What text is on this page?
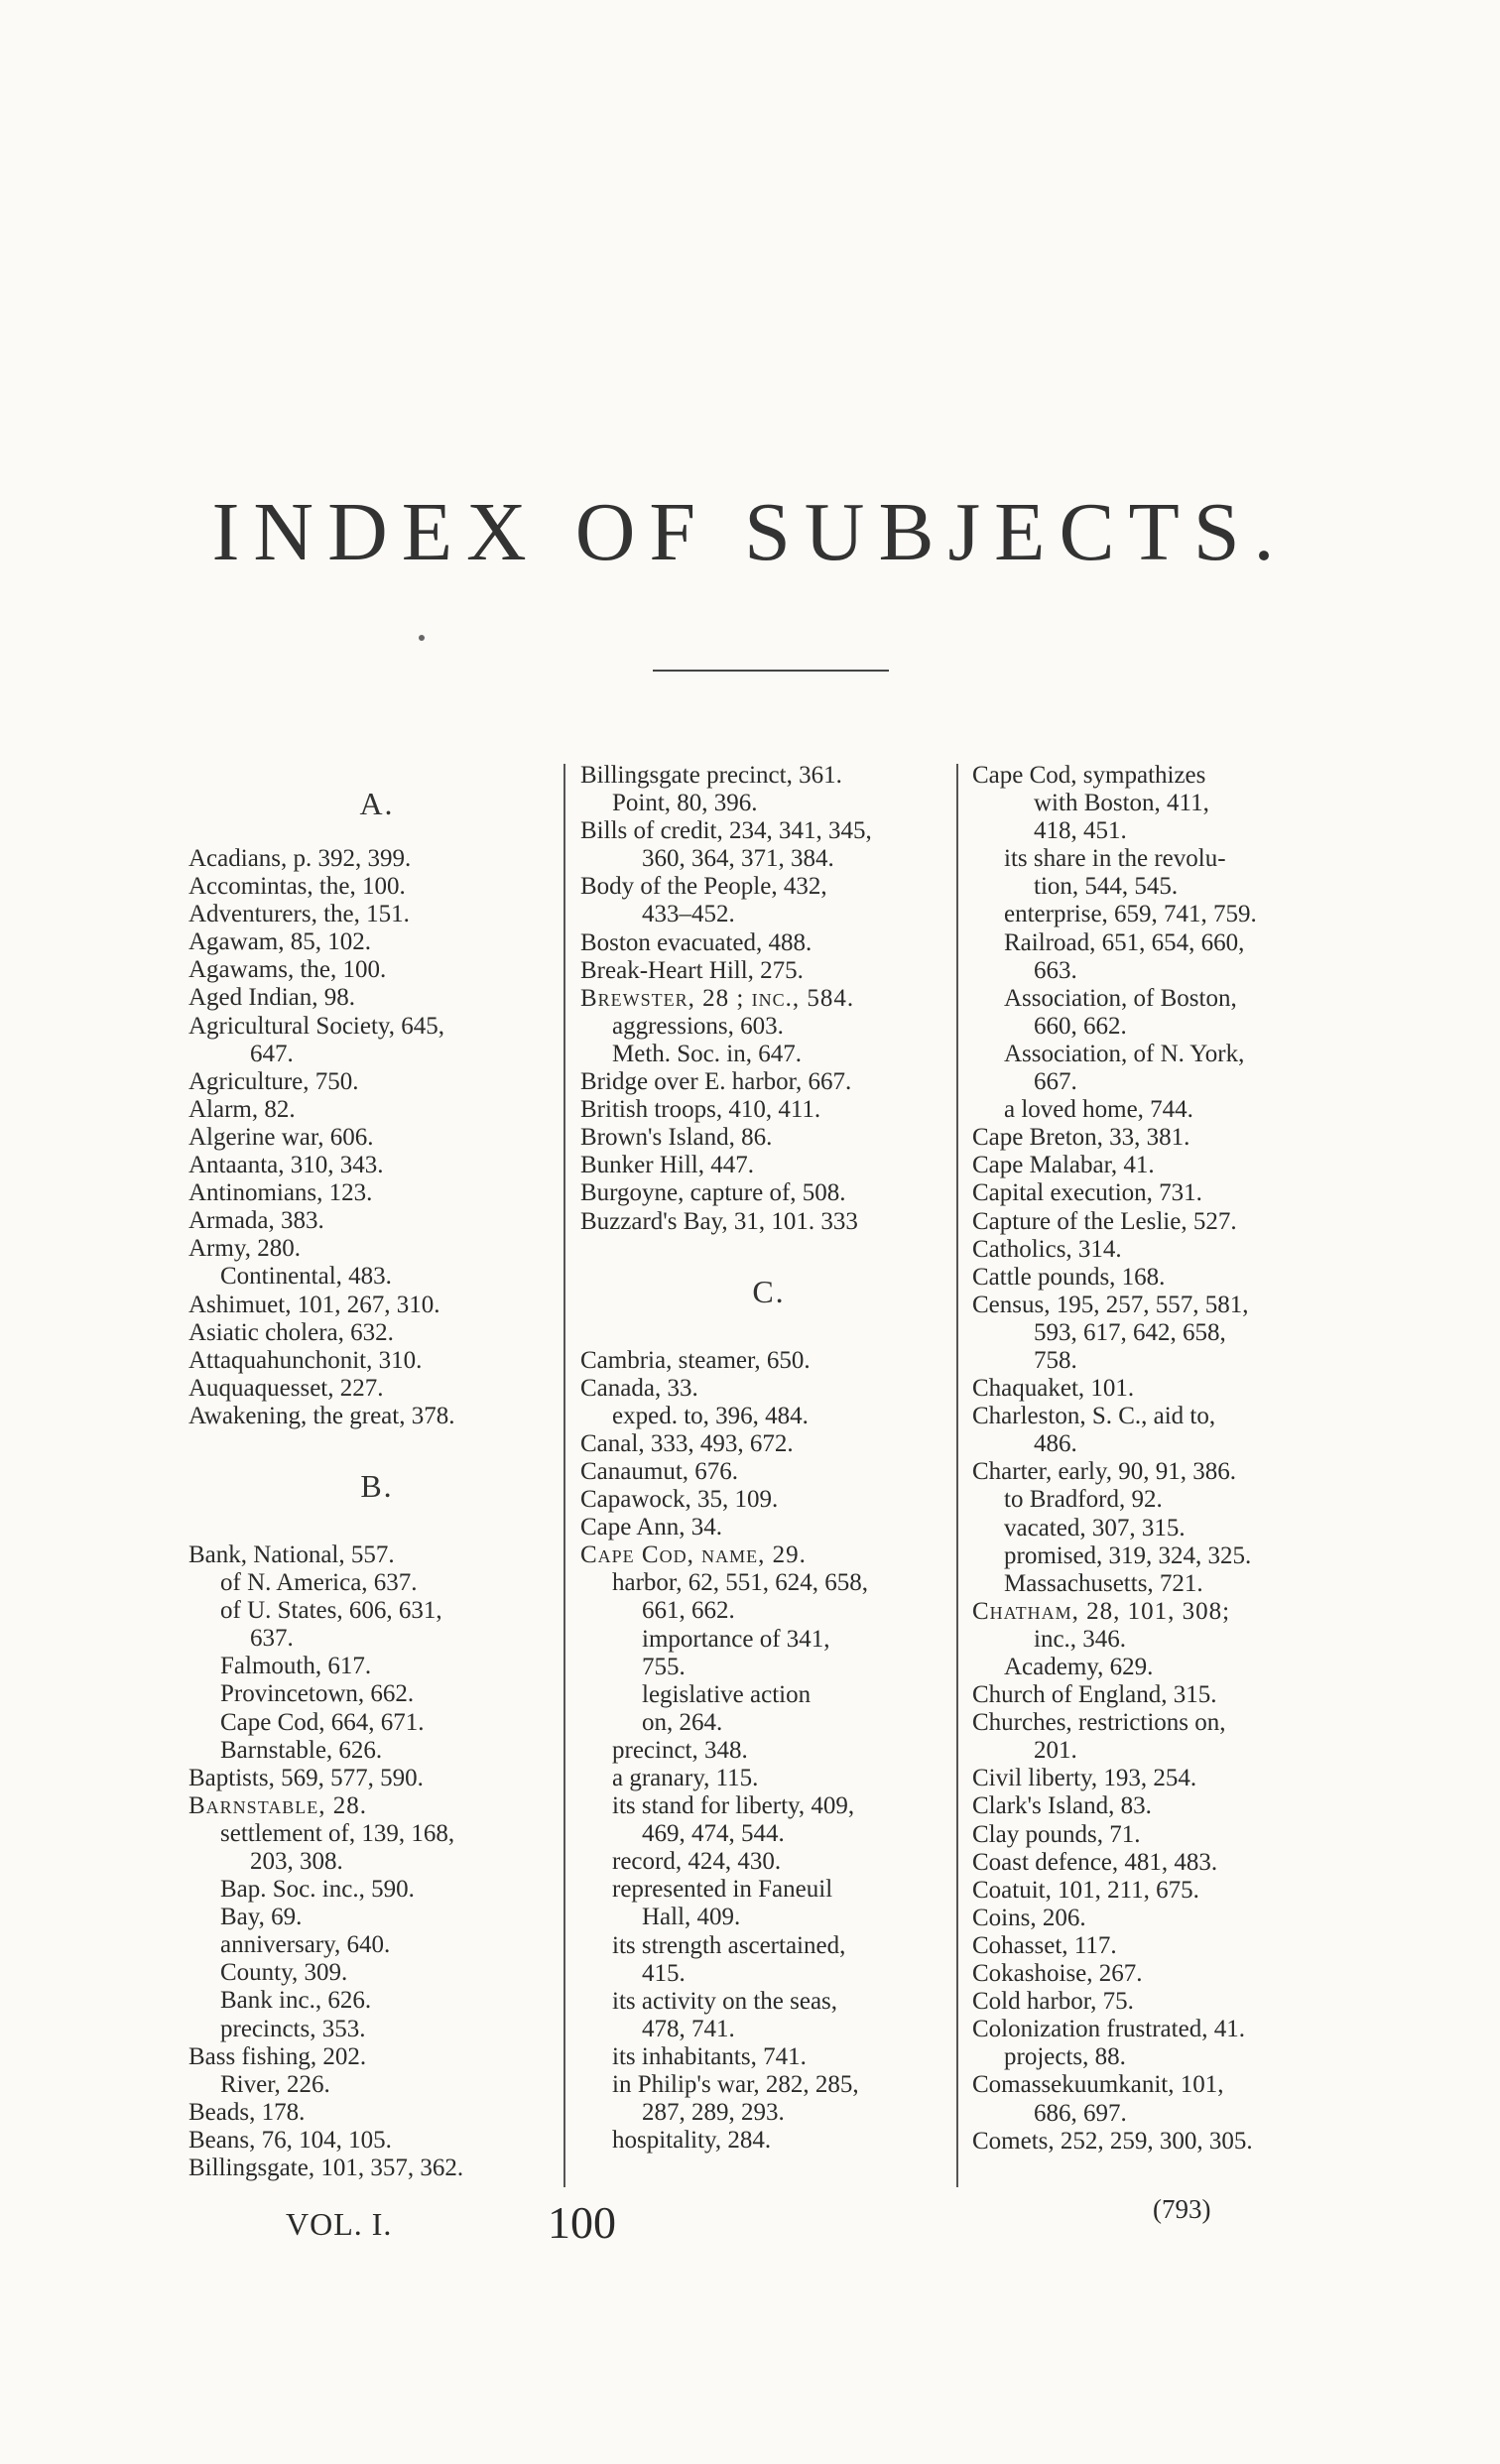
INDEX OF SUBJECTS.
A.
Acadians, p. 392, 399.
Accomintas, the, 100.
Adventurers, the, 151.
Agawam, 85, 102.
Agawams, the, 100.
Aged Indian, 98.
Agricultural Society, 645,
647.
Agriculture, 750.
Alarm, 82.
Algerine war, 606.
Antaanta, 310, 343.
Antinomians, 123.
Armada, 383.
Army, 280.
Continental, 483.
Ashimuet, 101, 267, 310.
Asiatic cholera, 632.
Attaquahunchonit, 310.
Auquaquesset, 227.
Awakening, the great, 378.
B.
Bank, National, 557.
of N. America, 637.
of U. States, 606, 631,
637.
Falmouth, 617.
Provincetown, 662.
Cape Cod, 664, 671.
Barnstable, 626.
Baptists, 569, 577, 590.
Barnstable, 28.
settlement of, 139, 168,
203, 308.
Bap. Soc. inc., 590.
Bay, 69.
anniversary, 640.
County, 309.
Bank inc., 626.
precincts, 353.
Bass fishing, 202.
River, 226.
Beads, 178.
Beans, 76, 104, 105.
Billingsgate, 101, 357, 362.
Billingsgate precinct, 361.
Point, 80, 396.
Bills of credit, 234, 341, 345,
360, 364, 371, 384.
Body of the People, 432,
433–452.
Boston evacuated, 488.
Break-Heart Hill, 275.
Brewster, 28 ; inc., 584.
aggressions, 603.
Meth. Soc. in, 647.
Bridge over E. harbor, 667.
British troops, 410, 411.
Brown's Island, 86.
Bunker Hill, 447.
Burgoyne, capture of, 508.
Buzzard's Bay, 31, 101. 333
C.
Cambria, steamer, 650.
Canada, 33.
exped. to, 396, 484.
Canal, 333, 493, 672.
Canaumut, 676.
Capawock, 35, 109.
Cape Ann, 34.
Cape Cod, name, 29.
harbor, 62, 551, 624, 658,
661, 662.
importance of 341,
755.
legislative action
on, 264.
precinct, 348.
a granary, 115.
its stand for liberty, 409,
469, 474, 544.
record, 424, 430.
represented in Faneuil
Hall, 409.
its strength ascertained,
415.
its activity on the seas,
478, 741.
its inhabitants, 741.
in Philip's war, 282, 285,
287, 289, 293.
hospitality, 284.
Cape Cod, sympathizes
with Boston, 411,
418, 451.
its share in the revolu-
tion, 544, 545.
enterprise, 659, 741, 759.
Railroad, 651, 654, 660,
663.
Association, of Boston,
660, 662.
Association, of N. York,
667.
a loved home, 744.
Cape Breton, 33, 381.
Cape Malabar, 41.
Capital execution, 731.
Capture of the Leslie, 527.
Catholics, 314.
Cattle pounds, 168.
Census, 195, 257, 557, 581,
593, 617, 642, 658,
758.
Chaquaket, 101.
Charleston, S. C., aid to,
486.
Charter, early, 90, 91, 386.
to Bradford, 92.
vacated, 307, 315.
promised, 319, 324, 325.
Massachusetts, 721.
Chatham, 28, 101, 308;
inc., 346.
Academy, 629.
Church of England, 315.
Churches, restrictions on,
201.
Civil liberty, 193, 254.
Clark's Island, 83.
Clay pounds, 71.
Coast defence, 481, 483.
Coatuit, 101, 211, 675.
Coins, 206.
Cohasset, 117.
Cokashoise, 267.
Cold harbor, 75.
Colonization frustrated, 41.
projects, 88.
Comassekuumkanit, 101,
686, 697.
Comets, 252, 259, 300, 305.
VOL. I.	100	(793)
